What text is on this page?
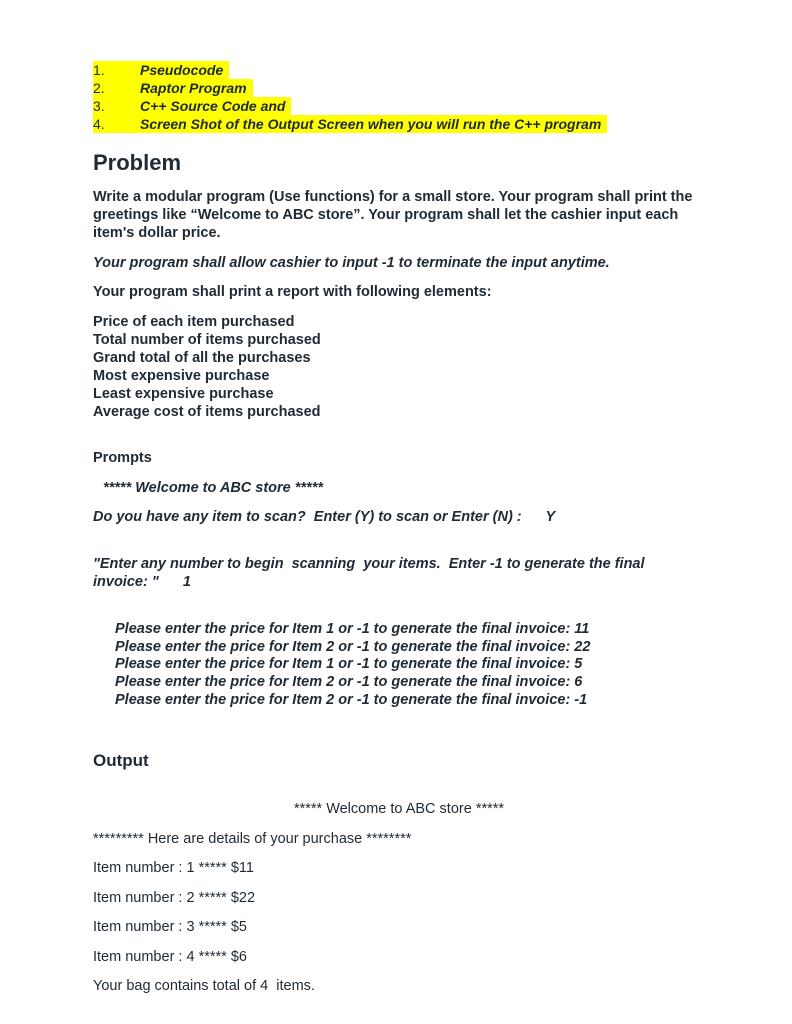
1.	Pseudocode
2.	Raptor Program
3.	C++ Source Code and
4.	Screen Shot of the Output Screen when you will run the C++ program
Problem
Write a modular program (Use functions) for a small store. Your program shall print the greetings like “Welcome to ABC store”. Your program shall let the cashier input each item's dollar price.
Your program shall allow cashier to input -1 to terminate the input anytime.
Your program shall print a report with following elements:
Price of each item purchased
Total number of items purchased
Grand total of all the purchases
Most expensive purchase
Least expensive purchase
Average cost of items purchased
Prompts
***** Welcome to ABC store *****
Do you have any item to scan?  Enter (Y) to scan or Enter (N) :      Y
"Enter any number to begin  scanning  your items.  Enter -1 to generate the final invoice: "      1
Please enter the price for Item 1 or -1 to generate the final invoice: 11
Please enter the price for Item 2 or -1 to generate the final invoice: 22
Please enter the price for Item 1 or -1 to generate the final invoice: 5
Please enter the price for Item 2 or -1 to generate the final invoice: 6
Please enter the price for Item 2 or -1 to generate the final invoice: -1
Output
***** Welcome to ABC store *****
********* Here are details of your purchase ********
Item number : 1 ***** $11
Item number : 2 ***** $22
Item number : 3 ***** $5
Item number : 4 ***** $6
Your bag contains total of 4  items.
